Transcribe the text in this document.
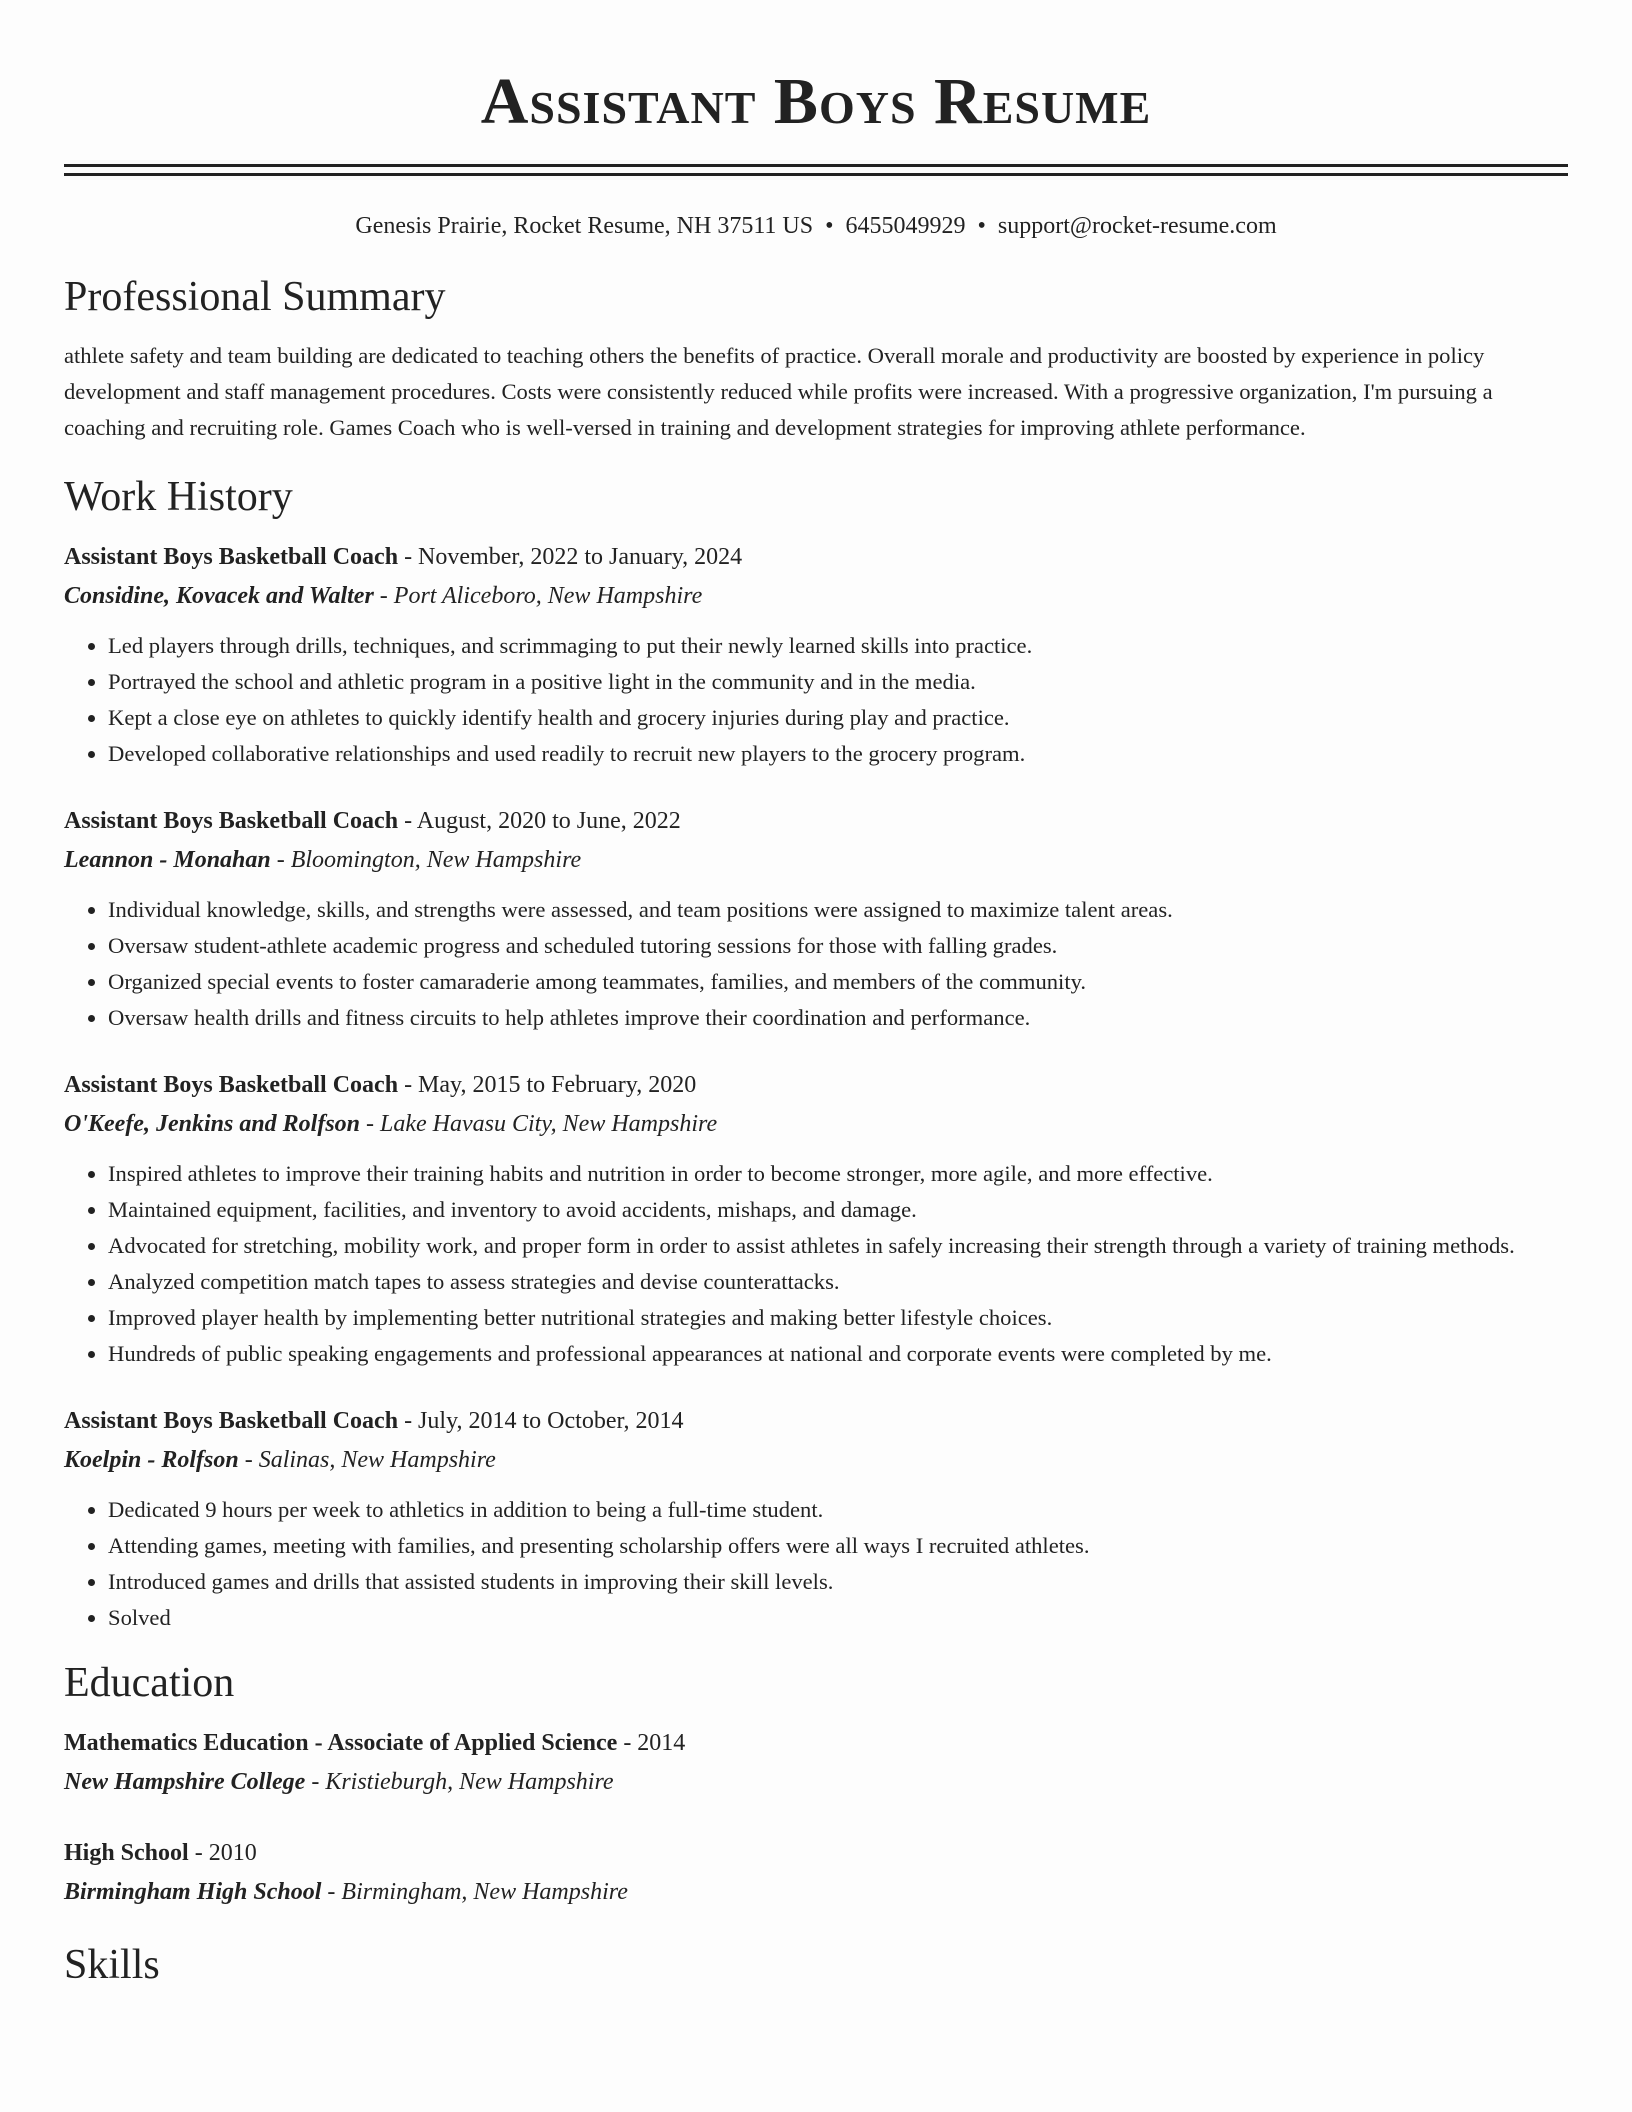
Assistant Boys Resume
Genesis Prairie, Rocket Resume, NH 37511 US • 6455049929 • support@rocket-resume.com
Professional Summary
athlete safety and team building are dedicated to teaching others the benefits of practice. Overall morale and productivity are boosted by experience in policy development and staff management procedures. Costs were consistently reduced while profits were increased. With a progressive organization, I'm pursuing a coaching and recruiting role. Games Coach who is well-versed in training and development strategies for improving athlete performance.
Work History
Assistant Boys Basketball Coach - November, 2022 to January, 2024
Considine, Kovacek and Walter - Port Aliceboro, New Hampshire
• Led players through drills, techniques, and scrimmaging to put their newly learned skills into practice.
• Portrayed the school and athletic program in a positive light in the community and in the media.
• Kept a close eye on athletes to quickly identify health and grocery injuries during play and practice.
• Developed collaborative relationships and used readily to recruit new players to the grocery program.
Assistant Boys Basketball Coach - August, 2020 to June, 2022
Leannon - Monahan - Bloomington, New Hampshire
• Individual knowledge, skills, and strengths were assessed, and team positions were assigned to maximize talent areas.
• Oversaw student-athlete academic progress and scheduled tutoring sessions for those with falling grades.
• Organized special events to foster camaraderie among teammates, families, and members of the community.
• Oversaw health drills and fitness circuits to help athletes improve their coordination and performance.
Assistant Boys Basketball Coach - May, 2015 to February, 2020
O'Keefe, Jenkins and Rolfson - Lake Havasu City, New Hampshire
• Inspired athletes to improve their training habits and nutrition in order to become stronger, more agile, and more effective.
• Maintained equipment, facilities, and inventory to avoid accidents, mishaps, and damage.
• Advocated for stretching, mobility work, and proper form in order to assist athletes in safely increasing their strength through a variety of training methods.
• Analyzed competition match tapes to assess strategies and devise counterattacks.
• Improved player health by implementing better nutritional strategies and making better lifestyle choices.
• Hundreds of public speaking engagements and professional appearances at national and corporate events were completed by me.
Assistant Boys Basketball Coach - July, 2014 to October, 2014
Koelpin - Rolfson - Salinas, New Hampshire
• Dedicated 9 hours per week to athletics in addition to being a full-time student.
• Attending games, meeting with families, and presenting scholarship offers were all ways I recruited athletes.
• Introduced games and drills that assisted students in improving their skill levels.
• Solved
Education
Mathematics Education - Associate of Applied Science - 2014
New Hampshire College - Kristieburgh, New Hampshire
High School - 2010
Birmingham High School - Birmingham, New Hampshire
Skills
